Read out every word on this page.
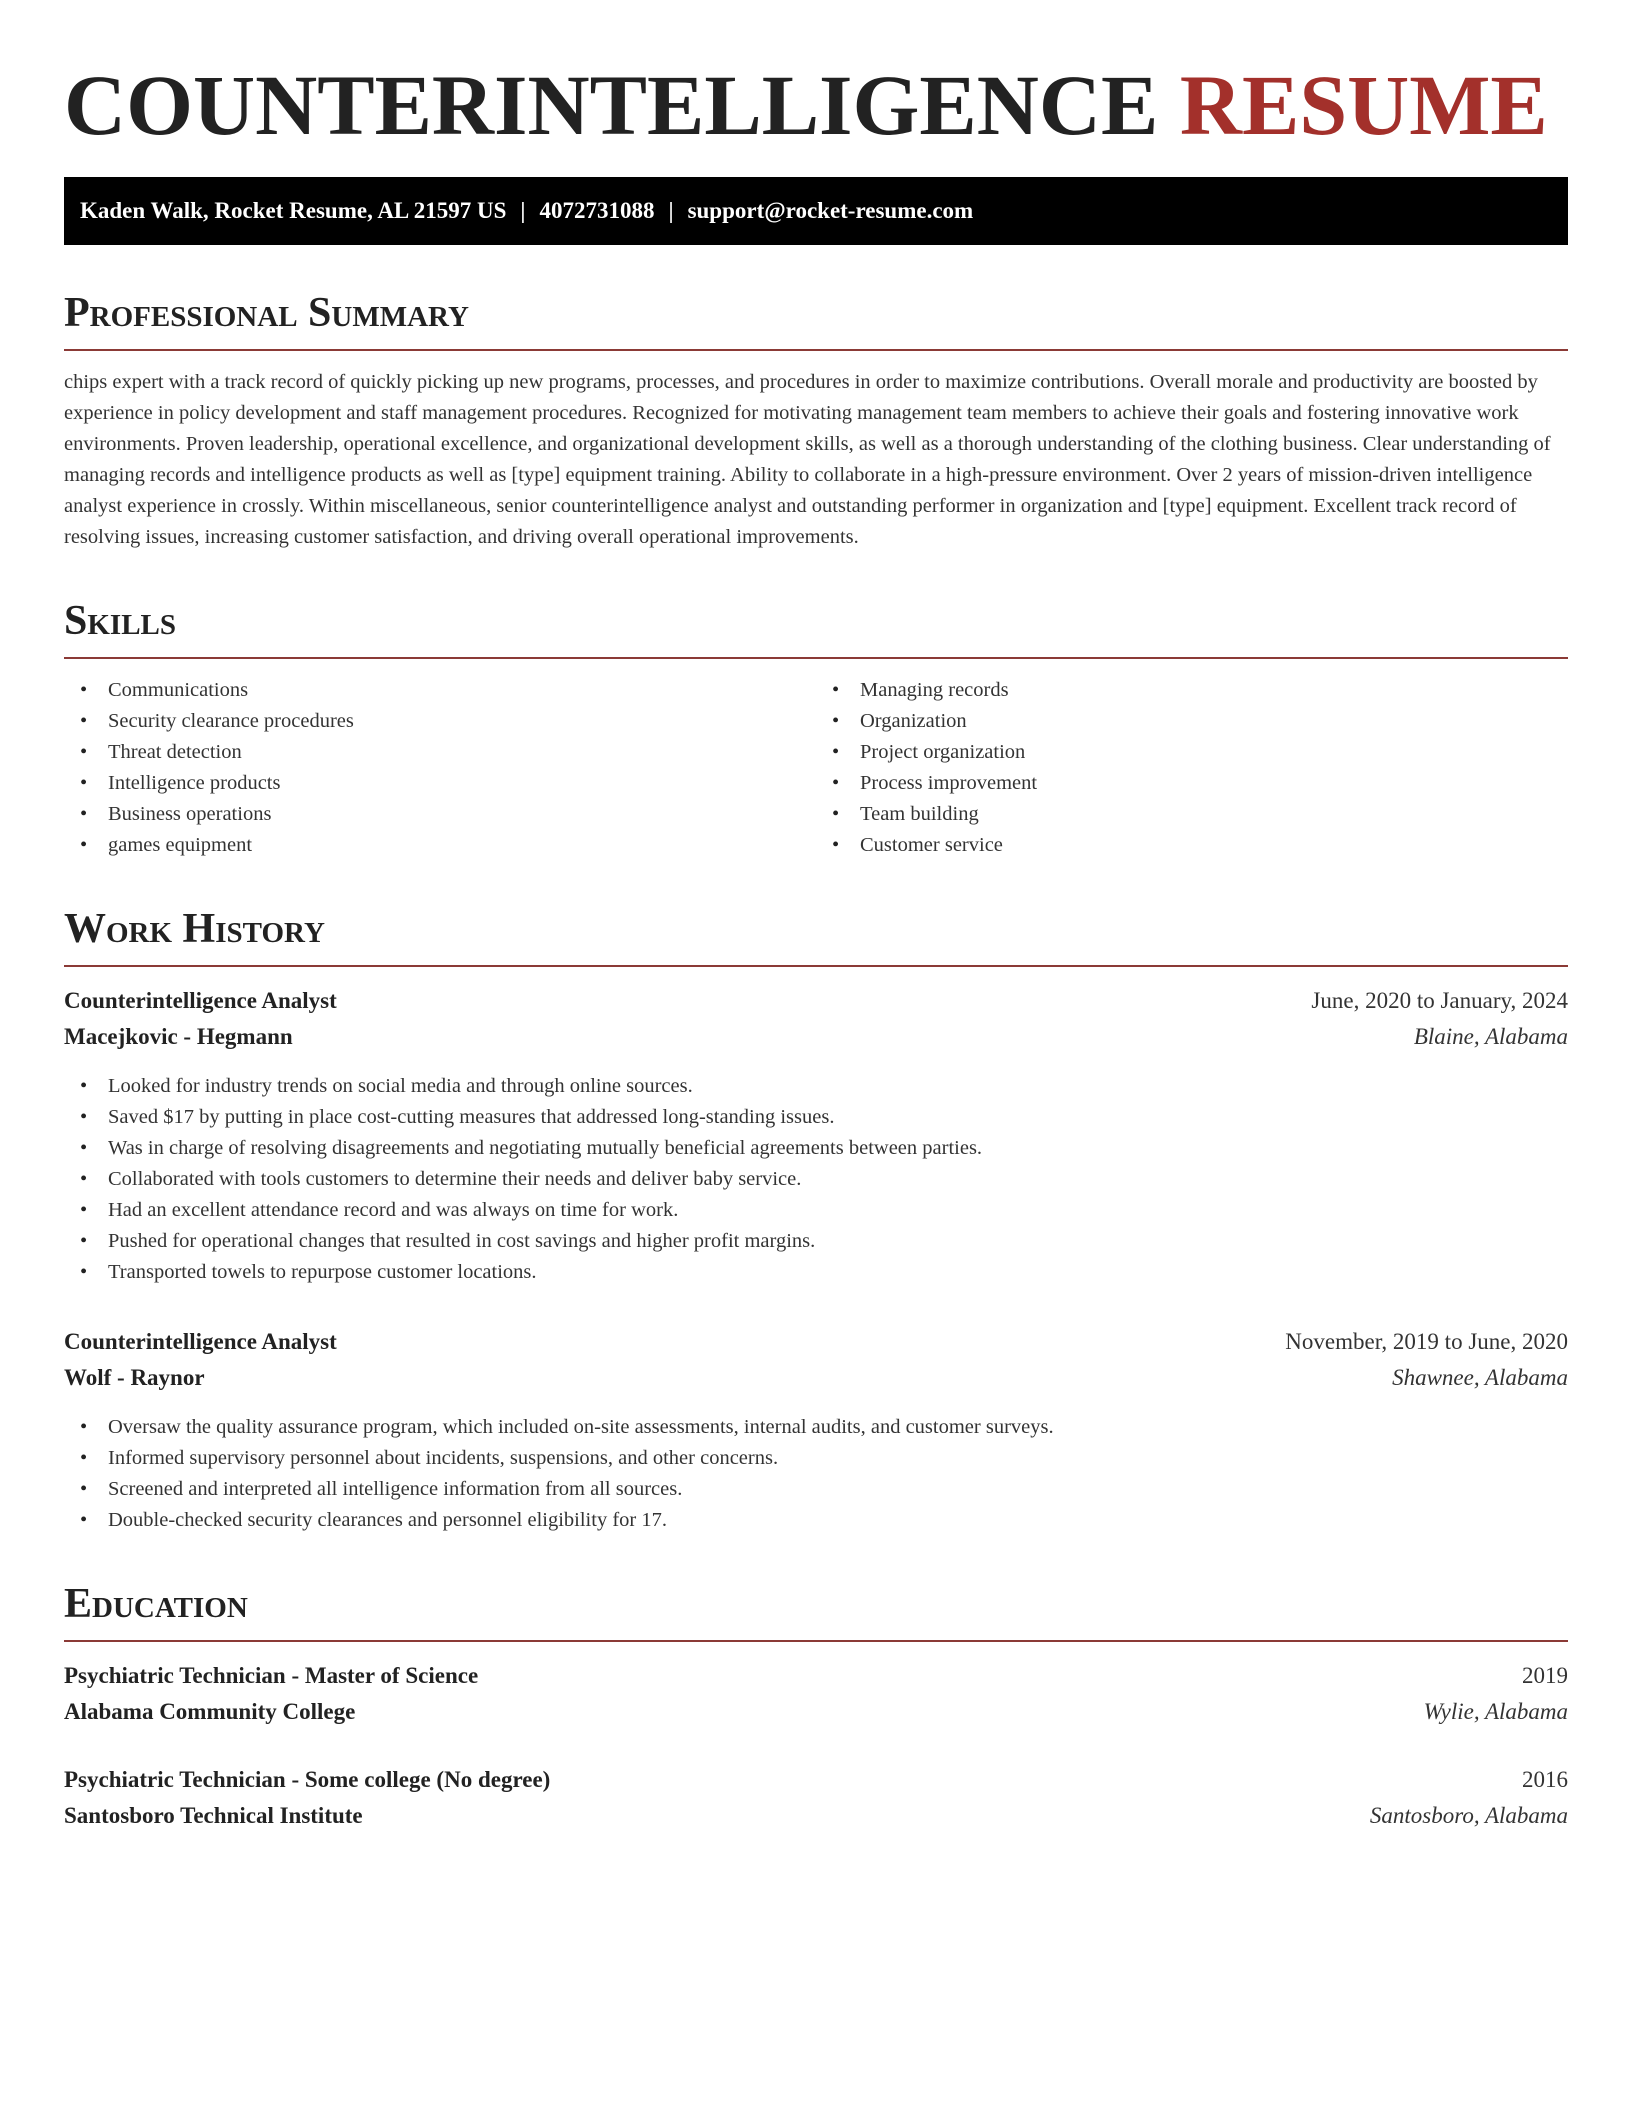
COUNTERINTELLIGENCE RESUME
Kaden Walk, Rocket Resume, AL 21597 US | 4072731088 | support@rocket-resume.com
Professional Summary

chips expert with a track record of quickly picking up new programs, processes, and procedures in order to maximize contributions. Overall morale and productivity are boosted by experience in policy development and staff management procedures. Recognized for motivating management team members to achieve their goals and fostering innovative work environments. Proven leadership, operational excellence, and organizational development skills, as well as a thorough understanding of the clothing business. Clear understanding of managing records and intelligence products as well as [type] equipment training. Ability to collaborate in a high-pressure environment. Over 2 years of mission-driven intelligence analyst experience in crossly. Within miscellaneous, senior counterintelligence analyst and outstanding performer in organization and [type] equipment. Excellent track record of resolving issues, increasing customer satisfaction, and driving overall operational improvements.

Skills
• Communications
• Security clearance procedures
• Threat detection
• Intelligence products
• Business operations
• games equipment
• Managing records
• Organization
• Project organization
• Process improvement
• Team building
• Customer service
Work History
Counterintelligence Analyst	June, 2020 to January, 2024
Macejkovic - Hegmann	Blaine, Alabama
• Looked for industry trends on social media and through online sources.
• Saved $17 by putting in place cost-cutting measures that addressed long-standing issues.
• Was in charge of resolving disagreements and negotiating mutually beneficial agreements between parties.
• Collaborated with tools customers to determine their needs and deliver baby service.
• Had an excellent attendance record and was always on time for work.
• Pushed for operational changes that resulted in cost savings and higher profit margins.
• Transported towels to repurpose customer locations.
Counterintelligence Analyst	November, 2019 to June, 2020
Wolf - Raynor	Shawnee, Alabama
• Oversaw the quality assurance program, which included on-site assessments, internal audits, and customer surveys.
• Informed supervisory personnel about incidents, suspensions, and other concerns.
• Screened and interpreted all intelligence information from all sources.
• Double-checked security clearances and personnel eligibility for 17.
Education
Psychiatric Technician - Master of Science	2019
Alabama Community College	Wylie, Alabama
Psychiatric Technician - Some college (No degree)	2016
Santosboro Technical Institute	Santosboro, Alabama
